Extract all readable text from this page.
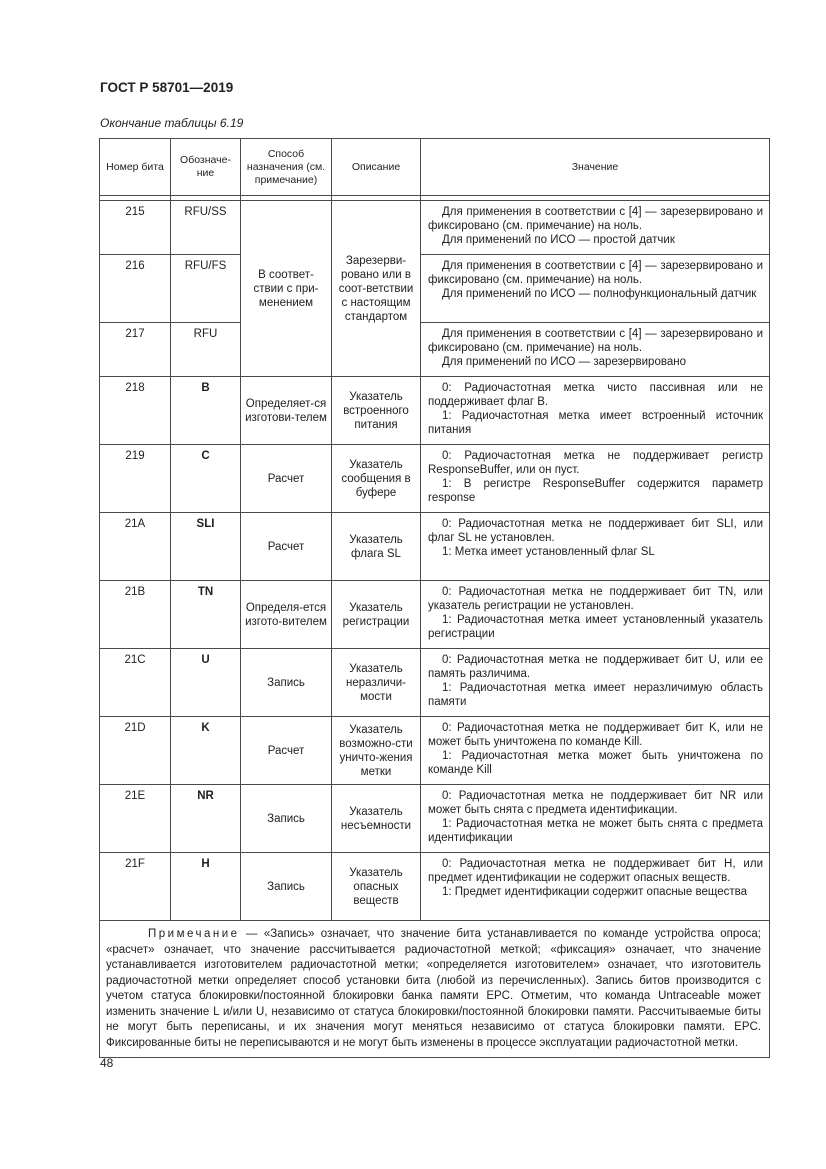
ГОСТ Р 58701—2019
Окончание таблицы 6.19
Номер бита	Обозначе-ние	Способ назначения (см. примечание)	Описание	Значение

215	RFU/SS	В соответ-ствии с при-менением	Зарезерви-ровано или в соот-ветствии с настоящим стандартом	Для применения в соответствии с [4] — зарезервировано и фиксировано (см. примечание) на ноль.

Для применений по ИСО — простой датчик

216	RFU/FS			Для применения в соответствии с [4] — зарезервировано и фиксировано (см. примечание) на ноль.

Для применений по ИСО — полнофункциональный датчик

217	RFU			Для применения в соответствии с [4] — зарезервировано и фиксировано (см. примечание) на ноль.

Для применений по ИСО — зарезервировано

218	B	Определяет-ся изготови-телем	Указатель встроенного питания	0: Радиочастотная метка чисто пассивная или не поддерживает флаг B.

1: Радиочастотная метка имеет встроенный источник питания

219	C	Расчет	Указатель сообщения в буфере	0: Радиочастотная метка не поддерживает регистр ResponseBuffer, или он пуст.

1: В регистре ResponseBuffer содержится параметр response

21A	SLI	Расчет	Указатель флага SL	0: Радиочастотная метка не поддерживает бит SLI, или флаг SL не установлен.

1: Метка имеет установленный флаг SL

21B	TN	Определя-ется изгото-вителем	Указатель регистрации	0: Радиочастотная метка не поддерживает бит TN, или указатель регистрации не установлен.

1: Радиочастотная метка имеет установленный указатель регистрации

21C	U	Запись	Указатель неразличи-мости	0: Радиочастотная метка не поддерживает бит U, или ее память различима.

1: Радиочастотная метка имеет неразличимую область памяти

21D	K	Расчет	Указатель возможно-сти уничто-жения метки	0: Радиочастотная метка не поддерживает бит K, или не может быть уничтожена по команде Kill.

1: Радиочастотная метка может быть уничтожена по команде Kill

21E	NR	Запись	Указатель несъемности	0: Радиочастотная метка не поддерживает бит NR или может быть снята с предмета идентификации.

1: Радиочастотная метка не может быть снята с предмета идентификации

21F	H	Запись	Указатель опасных веществ	0: Радиочастотная метка не поддерживает бит H, или предмет идентификации не содержит опасных веществ.

1: Предмет идентификации содержит опасные вещества

Примечание — «Запись» означает, что значение бита устанавливается по команде устройства опроса; «расчет» означает, что значение рассчитывается радиочастотной меткой; «фиксация» означает, что значение устанавливается изготовителем радиочастотной метки; «определяется изготовителем» означает, что изготовитель радиочастотной метки определяет способ установки бита (любой из перечисленных). Запись битов производится с учетом статуса блокировки/постоянной блокировки банка памяти EPC. Отметим, что команда Untraceable может изменить значение L и/или U, независимо от статуса блокировки/постоянной блокировки памяти. Рассчитываемые биты не могут быть переписаны, и их значения могут меняться независимо от статуса блокировки памяти. EPC. Фиксированные биты не переписываются и не могут быть изменены в процессе эксплуатации радиочастотной метки.				

48
